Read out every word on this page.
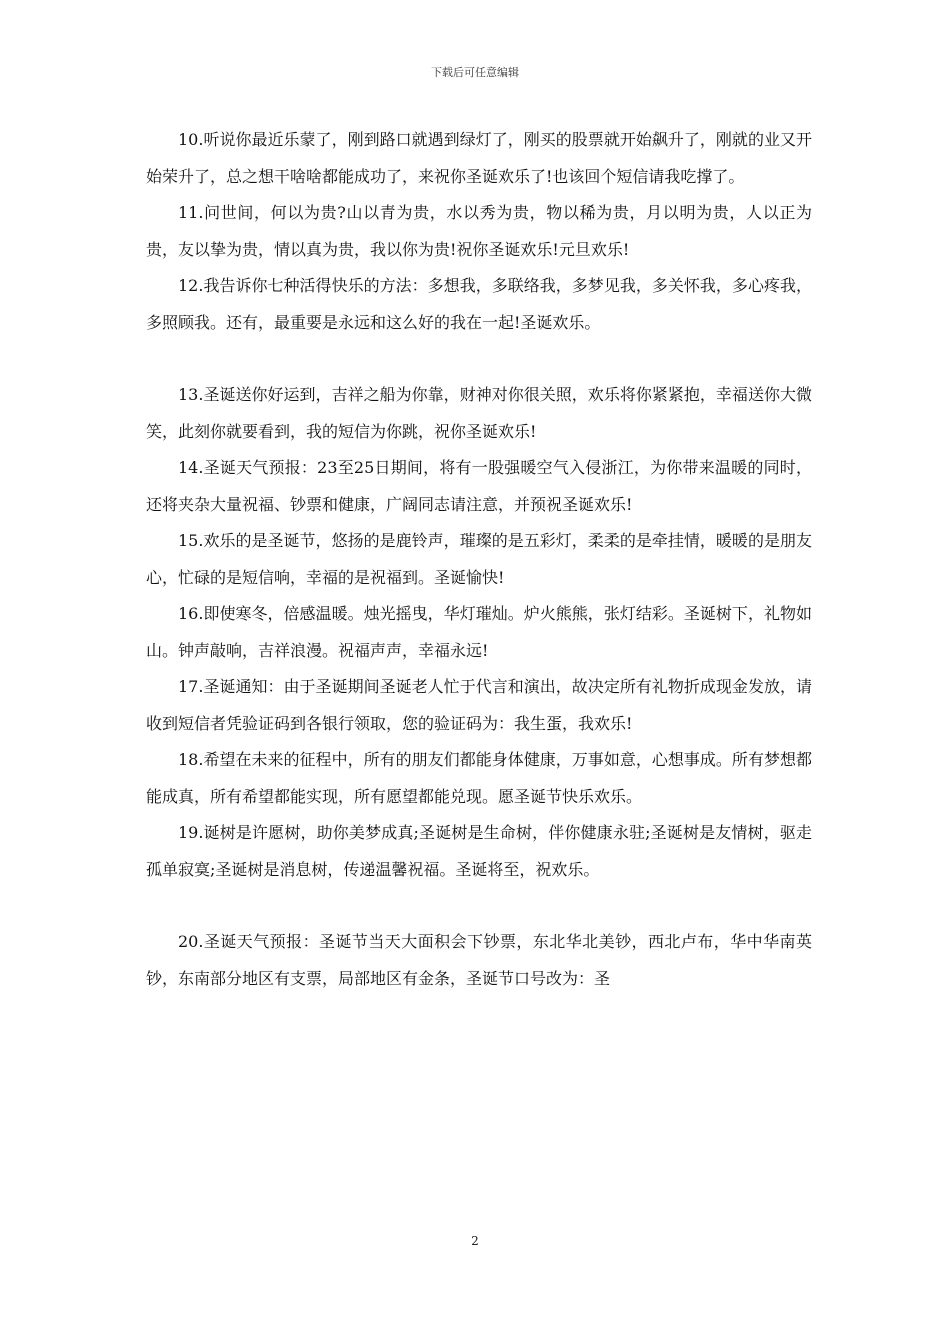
下载后可任意编辑

10.听说你最近乐蒙了，刚到路口就遇到绿灯了，刚买的股票就开始飙升了，刚就的业又开始荣升了，总之想干啥啥都能成功了，来祝你圣诞欢乐了!也该回个短信请我吃撑了。

11.问世间，何以为贵?山以青为贵，水以秀为贵，物以稀为贵，月以明为贵，人以正为贵，友以挚为贵，情以真为贵，我以你为贵!祝你圣诞欢乐!元旦欢乐!

12.我告诉你七种活得快乐的方法：多想我，多联络我，多梦见我，多关怀我，多心疼我，多照顾我。还有，最重要是永远和这么好的我在一起!圣诞欢乐。

13.圣诞送你好运到，吉祥之船为你靠，财神对你很关照，欢乐将你紧紧抱，幸福送你大微笑，此刻你就要看到，我的短信为你跳，祝你圣诞欢乐!

14.圣诞天气预报：23至25日期间，将有一股强暖空气入侵浙江，为你带来温暖的同时，还将夹杂大量祝福、钞票和健康，广阔同志请注意，并预祝圣诞欢乐!

15.欢乐的是圣诞节，悠扬的是鹿铃声，璀璨的是五彩灯，柔柔的是牵挂情，暖暖的是朋友心，忙碌的是短信响，幸福的是祝福到。圣诞愉快!

16.即使寒冬，倍感温暖。烛光摇曳，华灯璀灿。炉火熊熊，张灯结彩。圣诞树下，礼物如山。钟声敲响，吉祥浪漫。祝福声声，幸福永远!

17.圣诞通知：由于圣诞期间圣诞老人忙于代言和演出，故决定所有礼物折成现金发放，请收到短信者凭验证码到各银行领取，您的验证码为：我生蛋，我欢乐!

18.希望在未来的征程中，所有的朋友们都能身体健康，万事如意，心想事成。所有梦想都能成真，所有希望都能实现，所有愿望都能兑现。愿圣诞节快乐欢乐。

19.诞树是许愿树，助你美梦成真;圣诞树是生命树，伴你健康永驻;圣诞树是友情树，驱走孤单寂寞;圣诞树是消息树，传递温馨祝福。圣诞将至，祝欢乐。

20.圣诞天气预报：圣诞节当天大面积会下钞票，东北华北美钞，西北卢布，华中华南英钞，东南部分地区有支票，局部地区有金条，圣诞节口号改为：圣

2
